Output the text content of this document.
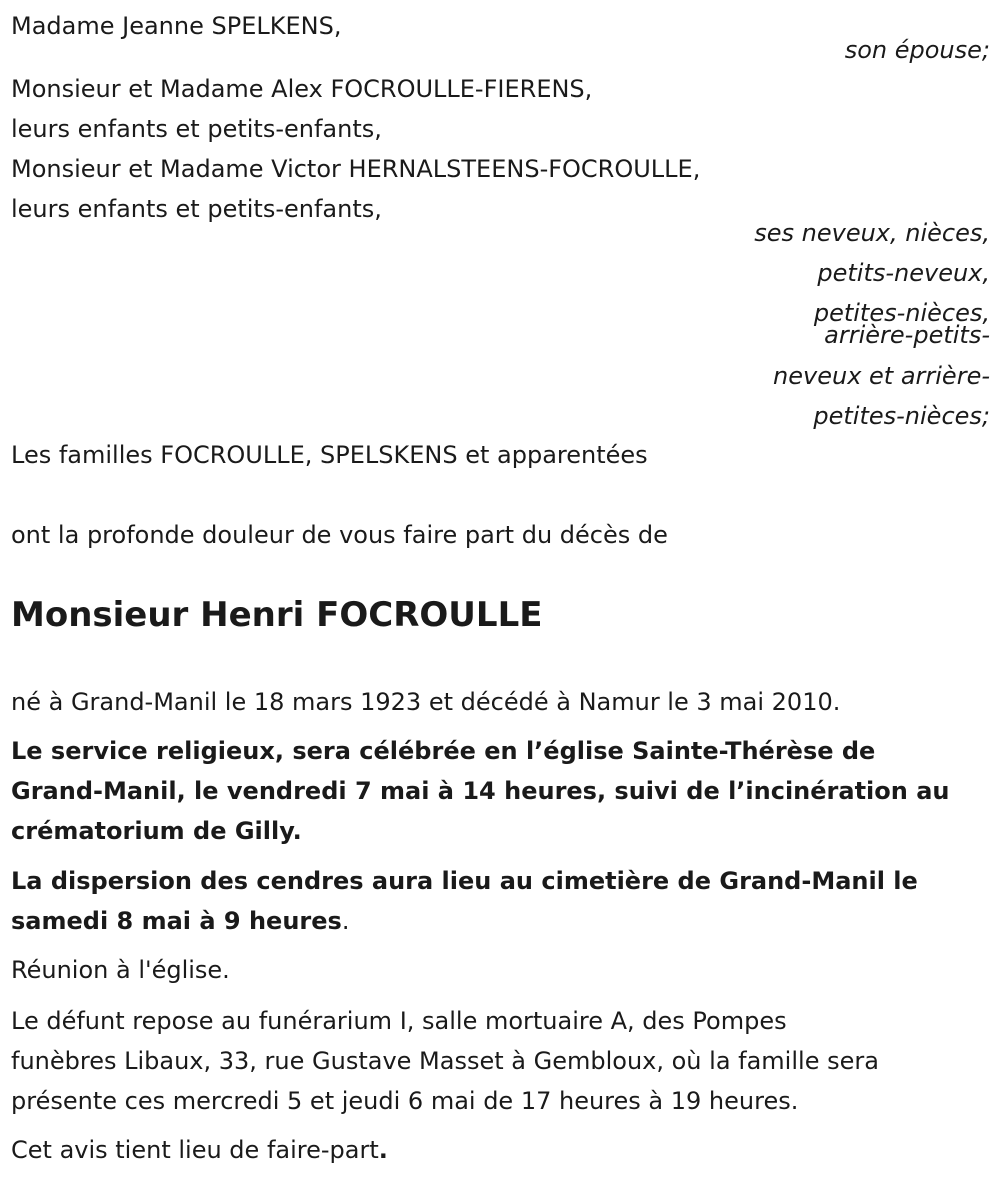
Madame Jeanne SPELKENS,
son épouse;
Monsieur et Madame Alex FOCROULLE-FIERENS,
leurs enfants et petits-enfants,
Monsieur et Madame Victor HERNALSTEENS-FOCROULLE,
leurs enfants et petits-enfants,
ses neveux, nièces,
petits-neveux,
petites-nièces,
arrière-petits-
neveux et arrière-
petites-nièces;
Les familles FOCROULLE, SPELSKENS et apparentées
ont la profonde douleur de vous faire part du décès de
Monsieur Henri FOCROULLE
né à Grand-Manil le 18 mars 1923 et décédé à Namur le 3 mai 2010.
Le service religieux, sera célébrée en l’église Sainte-Thérèse de
Grand-Manil, le vendredi 7 mai à 14 heures, suivi de l’incinération au
crématorium de Gilly.
La dispersion des cendres aura lieu au cimetière de Grand-Manil le
samedi 8 mai à 9 heures.
Réunion à l'église.
Le défunt repose au funérarium I, salle mortuaire A, des Pompes
funèbres Libaux, 33, rue Gustave Masset à Gembloux, où la famille sera
présente ces mercredi 5 et jeudi 6 mai de 17 heures à 19 heures.
Cet avis tient lieu de faire-part.
